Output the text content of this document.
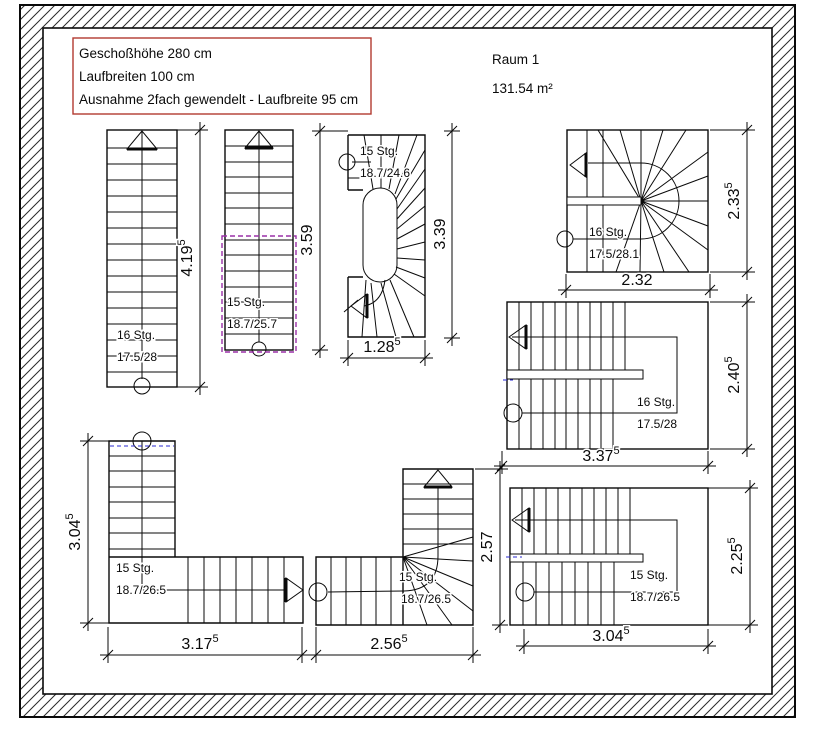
Geschoßhöhe 280 cm
Laufbreiten 100 cm
Ausnahme 2fach gewendelt - Laufbreite 95 cm
Raum 1
131.54 m²
16 Stg.
17.5/28
15 Stg.
18.7/25.7
15 Stg.
18.7/24.6
16 Stg.
17.5/28.1
16 Stg.
17.5/28
15 Stg.
18.7/26.5
15 Stg.
18.7/26.5
15 Stg.
18.7/26.5
4.19$^5$	3.59	3.39
1.28$^5$
2.33$^5$
2.32
2.40$^5$
3.37$^5$
2.25$^5$
3.04$^5$
3.04$^5$
3.17$^5$	2.56$^5$
2.57
